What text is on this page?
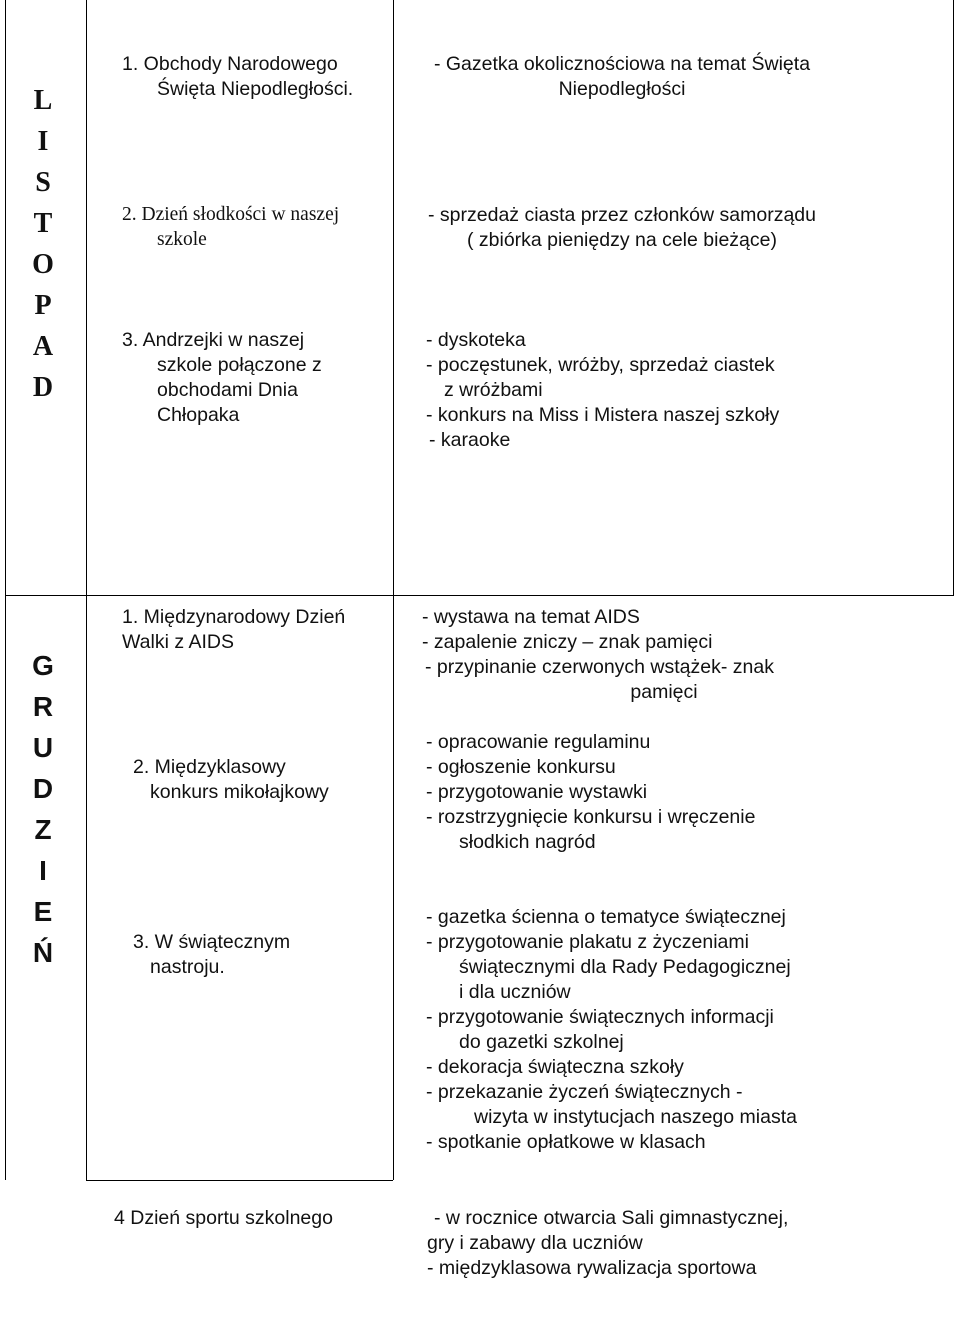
L
I
S
T
O
P
A
D
1. Obchody Narodowego
Święta Niepodległości.
2. Dzień słodkości w naszej
szkole
3. Andrzejki w naszej
szkole połączone z
obchodami Dnia
Chłopaka
- Gazetka okolicznościowa na temat Święta
Niepodległości
- sprzedaż ciasta przez członków samorządu
( zbiórka pieniędzy na cele bieżące)
- dyskoteka
- poczęstunek, wróżby, sprzedaż ciastek
z wróżbami
- konkurs na Miss i Mistera naszej szkoły
- karaoke
G
R
U
D
Z
I
E
Ń
1. Międzynarodowy Dzień
Walki z AIDS
2. Międzyklasowy
konkurs mikołajkowy
3. W świątecznym
nastroju.
- wystawa na temat AIDS
- zapalenie zniczy – znak pamięci
- przypinanie czerwonych wstążek- znak
pamięci
- opracowanie regulaminu
- ogłoszenie konkursu
- przygotowanie wystawki
- rozstrzygnięcie konkursu i wręczenie
słodkich nagród
- gazetka ścienna o tematyce świątecznej
- przygotowanie plakatu z życzeniami
świątecznymi dla Rady Pedagogicznej
i dla uczniów
- przygotowanie świątecznych informacji
do gazetki szkolnej
- dekoracja świąteczna szkoły
- przekazanie życzeń świątecznych -
wizyta w instytucjach naszego miasta
- spotkanie opłatkowe w klasach
4 Dzień sportu szkolnego	- w rocznice otwarcia Sali gimnastycznej,
gry i zabawy dla uczniów
- międzyklasowa rywalizacja sportowa
